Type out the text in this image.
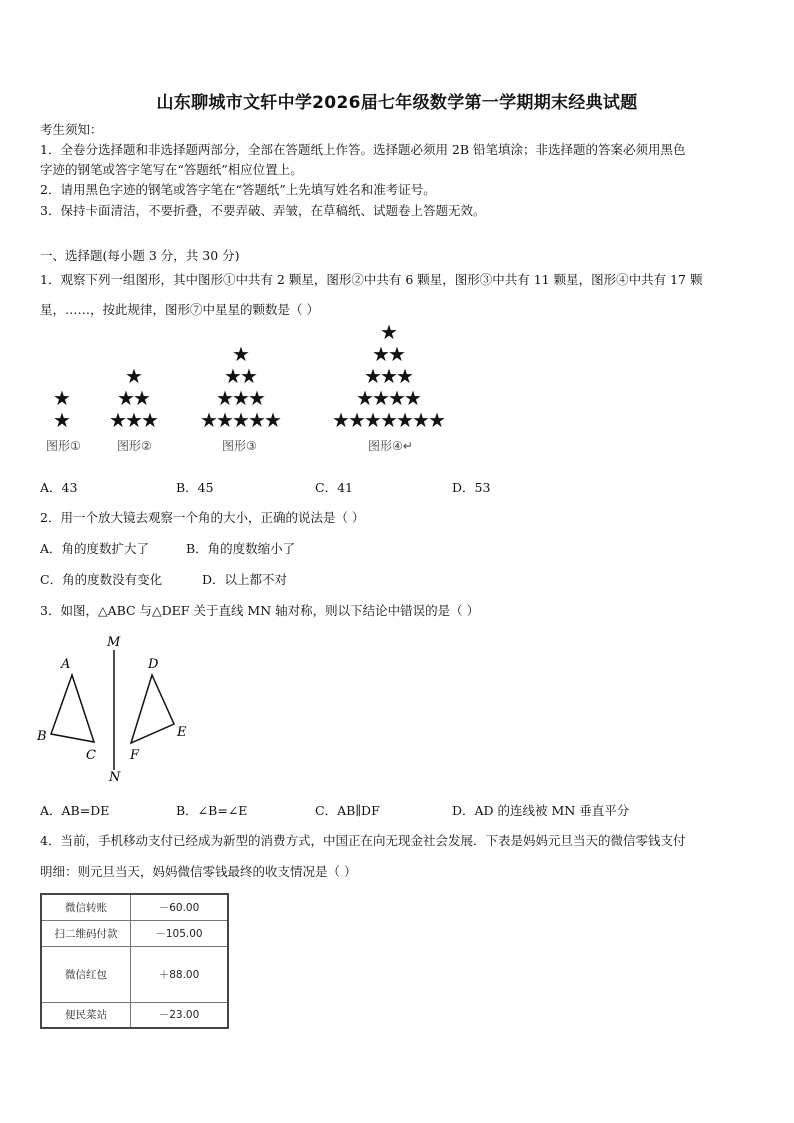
山东聊城市文轩中学2026届七年级数学第一学期期末经典试题
考生须知：
1．全卷分选择题和非选择题两部分，全部在答题纸上作答。选择题必须用 2B 铅笔填涂；非选择题的答案必须用黑色
字迹的钢笔或答字笔写在“答题纸”相应位置上。
2．请用黑色字迹的钢笔或答字笔在“答题纸”上先填写姓名和准考证号。
3．保持卡面清洁，不要折叠，不要弄破、弄皱，在草稿纸、试题卷上答题无效。
一、选择题(每小题 3 分，共 30 分)
1．观察下列一组图形，其中图形①中共有 2 颗星，图形②中共有 6 颗星，图形③中共有 11 颗星，图形④中共有 17 颗
星，……，按此规律，图形⑦中星星的颗数是（ ）
★
★
★
★
★
★
★
★
★
★
★
★
★
★
★
★
★
★
★
★
★
★
★
★
★
★
★
★
★
★
★
★
★
★
★
★
图形①	图形②	图形③	图形④↵
A．43	B．45	C．41	D．53
2．用一个放大镜去观察一个角的大小，正确的说法是（ ）
A．角的度数扩大了	B．角的度数缩小了
C．角的度数没有变化	D．以上都不对
3．如图，△ABC 与△DEF 关于直线 MN 轴对称，则以下结论中错误的是（ ）
M
N
A
B
C
D
E
F
A．AB=DE	B．∠B=∠E	C．AB∥DF	D．AD 的连线被 MN 垂直平分
4．当前，手机移动支付已经成为新型的消费方式，中国正在向无现金社会发展．下表是妈妈元旦当天的微信零钱支付
明细：则元旦当天，妈妈微信零钱最终的收支情况是（ ）
微信转账	－60.00
扫二维码付款	－105.00
微信红包	＋88.00
便民菜站	－23.00
